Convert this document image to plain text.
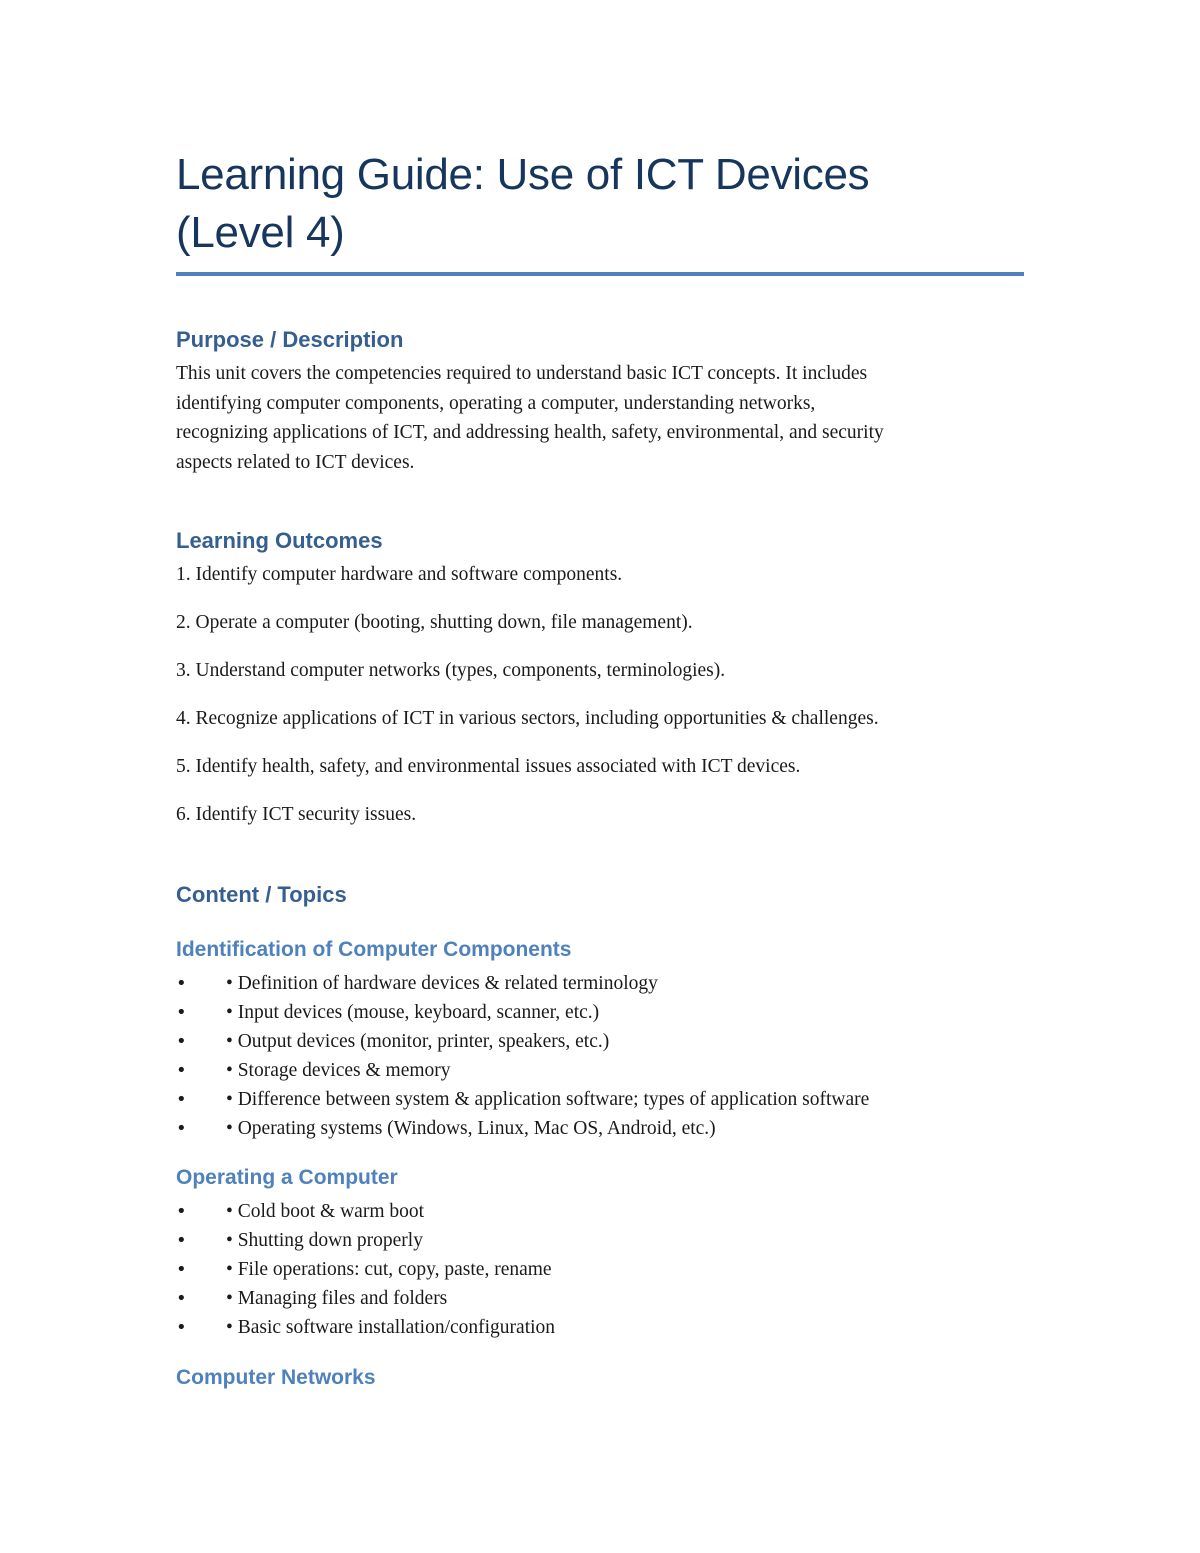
Learning Guide: Use of ICT Devices
(Level 4)
Purpose / Description

This unit covers the competencies required to understand basic ICT concepts. It includes
identifying computer components, operating a computer, understanding networks,
recognizing applications of ICT, and addressing health, safety, environmental, and security
aspects related to ICT devices.

Learning Outcomes

1. Identify computer hardware and software components.

2. Operate a computer (booting, shutting down, file management).

3. Understand computer networks (types, components, terminologies).

4. Recognize applications of ICT in various sectors, including opportunities & challenges.

5. Identify health, safety, and environmental issues associated with ICT devices.

6. Identify ICT security issues.

Content / Topics
Identification of Computer Components
•	• Definition of hardware devices & related terminology
•	• Input devices (mouse, keyboard, scanner, etc.)
•	• Output devices (monitor, printer, speakers, etc.)
•	• Storage devices & memory
•	• Difference between system & application software; types of application software
•	• Operating systems (Windows, Linux, Mac OS, Android, etc.)
Operating a Computer
•	• Cold boot & warm boot
•	• Shutting down properly
•	• File operations: cut, copy, paste, rename
•	• Managing files and folders
•	• Basic software installation/configuration
Computer Networks
